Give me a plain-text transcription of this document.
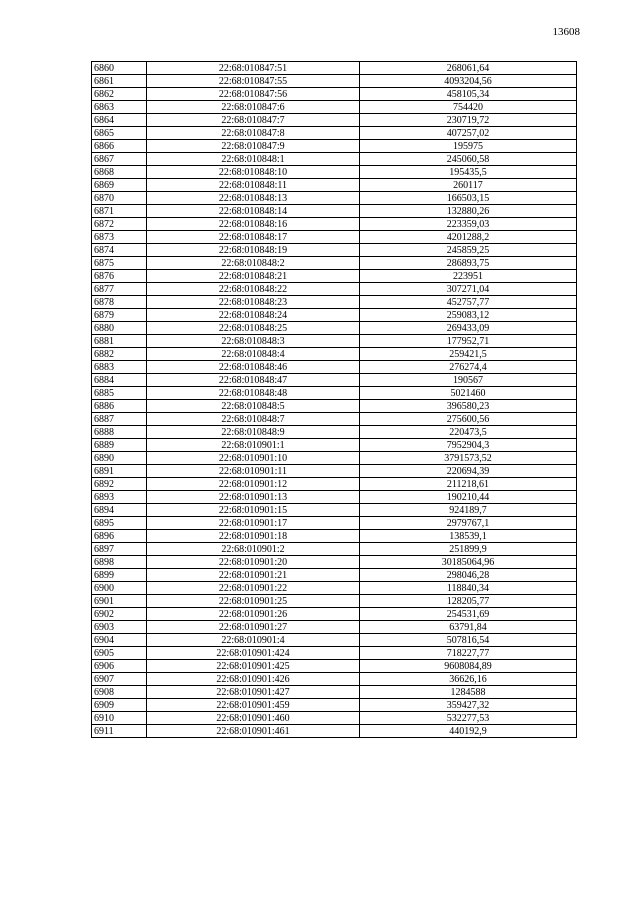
13608
6860	22:68:010847:51	268061,64
6861	22:68:010847:55	4093204,56
6862	22:68:010847:56	458105,34
6863	22:68:010847:6	754420
6864	22:68:010847:7	230719,72
6865	22:68:010847:8	407257,02
6866	22:68:010847:9	195975
6867	22:68:010848:1	245060,58
6868	22:68:010848:10	195435,5
6869	22:68:010848:11	260117
6870	22:68:010848:13	166503,15
6871	22:68:010848:14	132880,26
6872	22:68:010848:16	223359,03
6873	22:68:010848:17	4201288,2
6874	22:68:010848:19	245859,25
6875	22:68:010848:2	286893,75
6876	22:68:010848:21	223951
6877	22:68:010848:22	307271,04
6878	22:68:010848:23	452757,77
6879	22:68:010848:24	259083,12
6880	22:68:010848:25	269433,09
6881	22:68:010848:3	177952,71
6882	22:68:010848:4	259421,5
6883	22:68:010848:46	276274,4
6884	22:68:010848:47	190567
6885	22:68:010848:48	5021460
6886	22:68:010848:5	396580,23
6887	22:68:010848:7	275600,56
6888	22:68:010848:9	220473,5
6889	22:68:010901:1	7952904,3
6890	22:68:010901:10	3791573,52
6891	22:68:010901:11	220694,39
6892	22:68:010901:12	211218,61
6893	22:68:010901:13	190210,44
6894	22:68:010901:15	924189,7
6895	22:68:010901:17	2979767,1
6896	22:68:010901:18	138539,1
6897	22:68:010901:2	251899,9
6898	22:68:010901:20	30185064,96
6899	22:68:010901:21	298046,28
6900	22:68:010901:22	118840,34
6901	22:68:010901:25	128205,77
6902	22:68:010901:26	254531,69
6903	22:68:010901:27	63791,84
6904	22:68:010901:4	507816,54
6905	22:68:010901:424	718227,77
6906	22:68:010901:425	9608084,89
6907	22:68:010901:426	36626,16
6908	22:68:010901:427	1284588
6909	22:68:010901:459	359427,32
6910	22:68:010901:460	532277,53
6911	22:68:010901:461	440192,9
